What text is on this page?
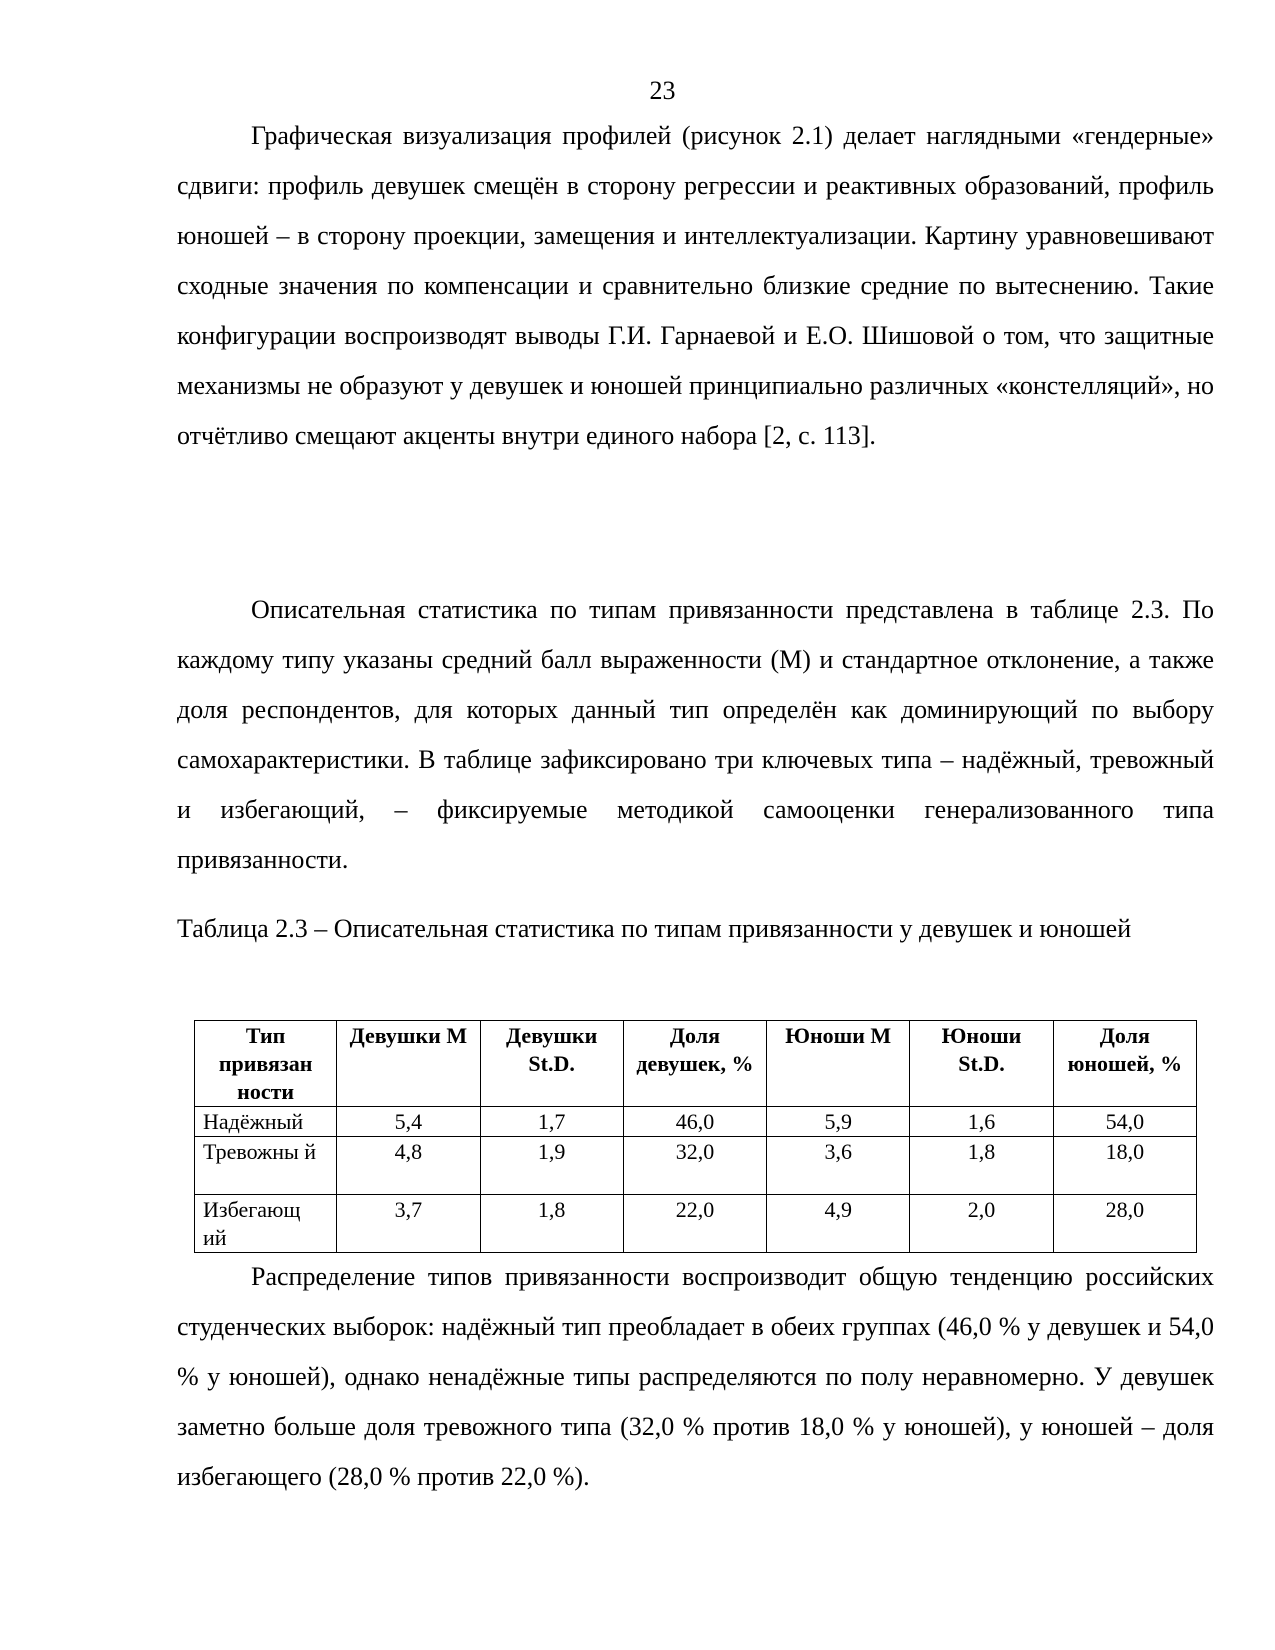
23

Графическая визуализация профилей (рисунок 2.1) делает наглядными «гендерные» сдвиги: профиль девушек смещён в сторону регрессии и реактивных образований, профиль юношей – в сторону проекции, замещения и интеллектуализации. Картину уравновешивают сходные значения по компенсации и сравнительно близкие средние по вытеснению. Такие конфигурации воспроизводят выводы Г.И. Гарнаевой и Е.О. Шишовой о том, что защитные механизмы не образуют у девушек и юношей принципиально различных «констелляций», но отчётливо смещают акценты внутри единого набора [2, с. 113].

Описательная статистика по типам привязанности представлена в таблице 2.3. По каждому типу указаны средний балл выраженности (М) и стандартное отклонение, а также доля респондентов, для которых данный тип определён как доминирующий по выбору самохарактеристики. В таблице зафиксировано три ключевых типа – надёжный, тревожный и избегающий, – фиксируемые методикой самооценки генерализованного типа привязанности.

Таблица 2.3 – Описательная статистика по типам привязанности у девушек и юношей

Тип привязан ности	Девушки М	Девушки St.D.	Доля девушек, %	Юноши М	Юноши St.D.	Доля юношей, %
Надёжный	5,4	1,7	46,0	5,9	1,6	54,0
Тревожны й	4,8	1,9	32,0	3,6	1,8	18,0
Избегающ ий	3,7	1,8	22,0	4,9	2,0	28,0

Распределение типов привязанности воспроизводит общую тенденцию российских студенческих выборок: надёжный тип преобладает в обеих группах (46,0 % у девушек и 54,0 % у юношей), однако ненадёжные типы распределяются по полу неравномерно. У девушек заметно больше доля тревожного типа (32,0 % против 18,0 % у юношей), у юношей – доля избегающего (28,0 % против 22,0 %).
